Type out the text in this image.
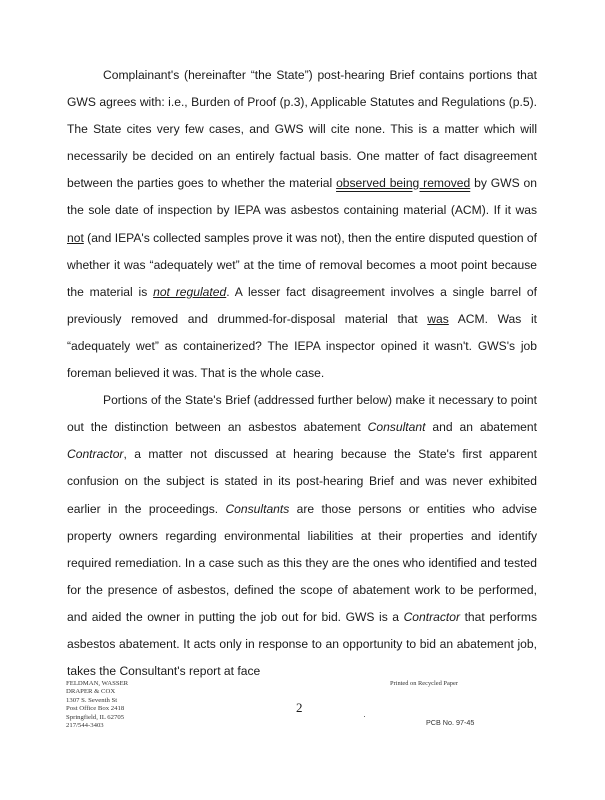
Complainant's (hereinafter “the State”) post-hearing Brief contains portions that GWS agrees with: i.e., Burden of Proof (p.3), Applicable Statutes and Regulations (p.5). The State cites very few cases, and GWS will cite none. This is a matter which will necessarily be decided on an entirely factual basis. One matter of fact disagreement between the parties goes to whether the material observed being removed by GWS on the sole date of inspection by IEPA was asbestos containing material (ACM). If it was not (and IEPA's collected samples prove it was not), then the entire disputed question of whether it was “adequately wet” at the time of removal becomes a moot point because the material is not regulated. A lesser fact disagreement involves a single barrel of previously removed and drummed-for-disposal material that was ACM. Was it “adequately wet” as containerized? The IEPA inspector opined it wasn't. GWS's job foreman believed it was. That is the whole case.

Portions of the State's Brief (addressed further below) make it necessary to point out the distinction between an asbestos abatement Consultant and an abatement Contractor, a matter not discussed at hearing because the State's first apparent confusion on the subject is stated in its post-hearing Brief and was never exhibited earlier in the proceedings. Consultants are those persons or entities who advise property owners regarding environmental liabilities at their properties and identify required remediation. In a case such as this they are the ones who identified and tested for the presence of asbestos, defined the scope of abatement work to be performed, and aided the owner in putting the job out for bid. GWS is a Contractor that performs asbestos abatement. It acts only in response to an opportunity to bid an abatement job, takes the Consultant's report at face

FELDMAN, WASSER
DRAPER & COX
1307 S. Seventh St
Post Office Box 2418
Springfield, IL 62705
217/544-3403
2
Printed on Recycled Paper
PCB No. 97-45
